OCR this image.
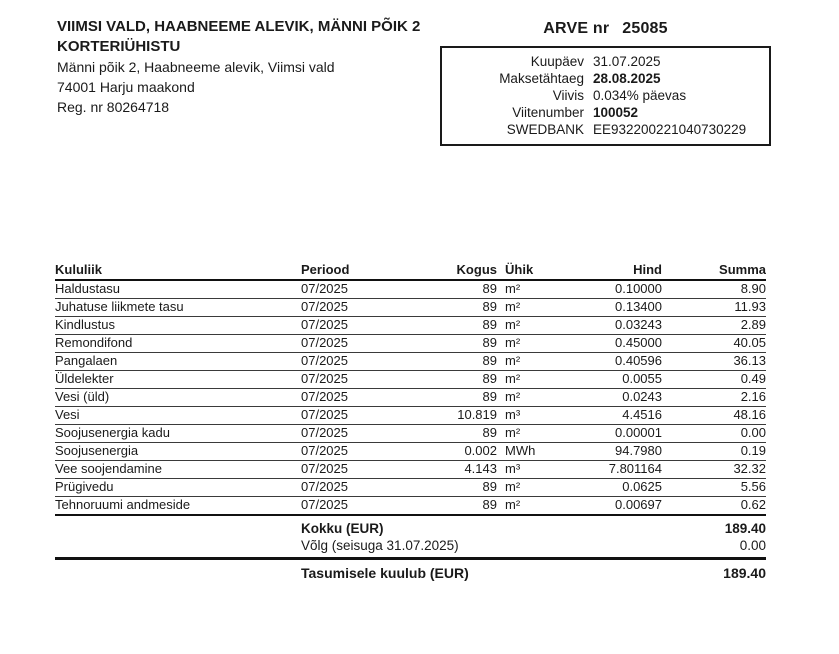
VIIMSI VALD, HAABNEEME ALEVIK, MÄNNI PÕIK 2
KORTERIÜHISTU
Männi põik 2, Haabneeme alevik, Viimsi vald
74001 Harju maakond
Reg. nr 80264718
ARVE nr 25085
Kuupäev 31.07.2025
Maksetähtaeg 28.08.2025
Viivis 0.034% päevas
Viitenumber 100052
SWEDBANK EE932200221040730229
Kululiik	Periood	Kogus Ühik	Hind	Summa
Haldustasu	07/2025	89 m²	0.10000	8.90
Juhatuse liikmete tasu	07/2025	89 m²	0.13400	11.93
Kindlustus	07/2025	89 m²	0.03243	2.89
Remondifond	07/2025	89 m²	0.45000	40.05
Pangalaen	07/2025	89 m²	0.40596	36.13
Üldelekter	07/2025	89 m²	0.0055	0.49
Vesi (üld)	07/2025	89 m²	0.0243	2.16
Vesi	07/2025	10.819 m³	4.4516	48.16
Soojusenergia kadu	07/2025	89 m²	0.00001	0.00
Soojusenergia	07/2025	0.002 MWh	94.7980	0.19
Vee soojendamine	07/2025	4.143 m³	7.801164	32.32
Prügivedu	07/2025	89 m²	0.0625	5.56
Tehnoruumi andmeside	07/2025	89 m²	0.00697	0.62
Kokku (EUR)	189.40
Võlg (seisuga 31.07.2025)	0.00
Tasumisele kuulub (EUR)	189.40
